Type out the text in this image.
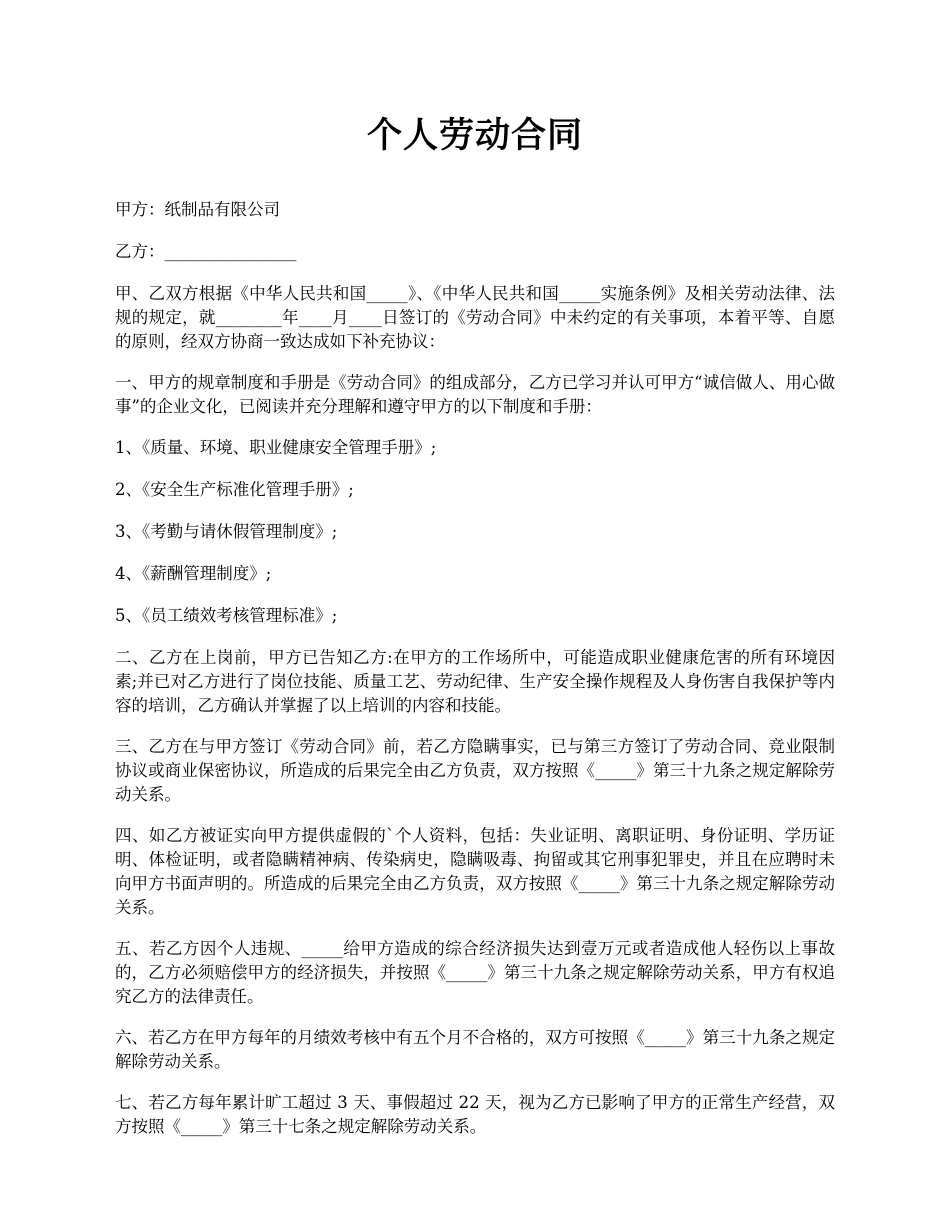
个人劳动合同

甲方：纸制品有限公司

乙方：________________

甲、乙双方根据《中华人民共和国_____》、《中华人民共和国_____实施条例》及相关劳动法律、法规的规定，就________年____月____日签订的《劳动合同》中未约定的有关事项，本着平等、自愿的原则，经双方协商一致达成如下补充协议：

一、甲方的规章制度和手册是《劳动合同》的组成部分，乙方已学习并认可甲方“诚信做人、用心做事”的企业文化，已阅读并充分理解和遵守甲方的以下制度和手册：

1、《质量、环境、职业健康安全管理手册》;

2、《安全生产标准化管理手册》;

3、《考勤与请休假管理制度》;

4、《薪酬管理制度》;

5、《员工绩效考核管理标准》;

二、乙方在上岗前，甲方已告知乙方:在甲方的工作场所中，可能造成职业健康危害的所有环境因素;并已对乙方进行了岗位技能、质量工艺、劳动纪律、生产安全操作规程及人身伤害自我保护等内容的培训，乙方确认并掌握了以上培训的内容和技能。

三、乙方在与甲方签订《劳动合同》前，若乙方隐瞒事实，已与第三方签订了劳动合同、竞业限制协议或商业保密协议，所造成的后果完全由乙方负责，双方按照《_____》第三十九条之规定解除劳动关系。

四、如乙方被证实向甲方提供虚假的`个人资料，包括：失业证明、离职证明、身份证明、学历证明、体检证明，或者隐瞒精神病、传染病史，隐瞒吸毒、拘留或其它刑事犯罪史，并且在应聘时未向甲方书面声明的。所造成的后果完全由乙方负责，双方按照《_____》第三十九条之规定解除劳动关系。

五、若乙方因个人违规、_____给甲方造成的综合经济损失达到壹万元或者造成他人轻伤以上事故的，乙方必须赔偿甲方的经济损失，并按照《_____》第三十九条之规定解除劳动关系，甲方有权追究乙方的法律责任。

六、若乙方在甲方每年的月绩效考核中有五个月不合格的，双方可按照《_____》第三十九条之规定解除劳动关系。

七、若乙方每年累计旷工超过 3 天、事假超过 22 天，视为乙方已影响了甲方的正常生产经营，双方按照《_____》第三十七条之规定解除劳动关系。
